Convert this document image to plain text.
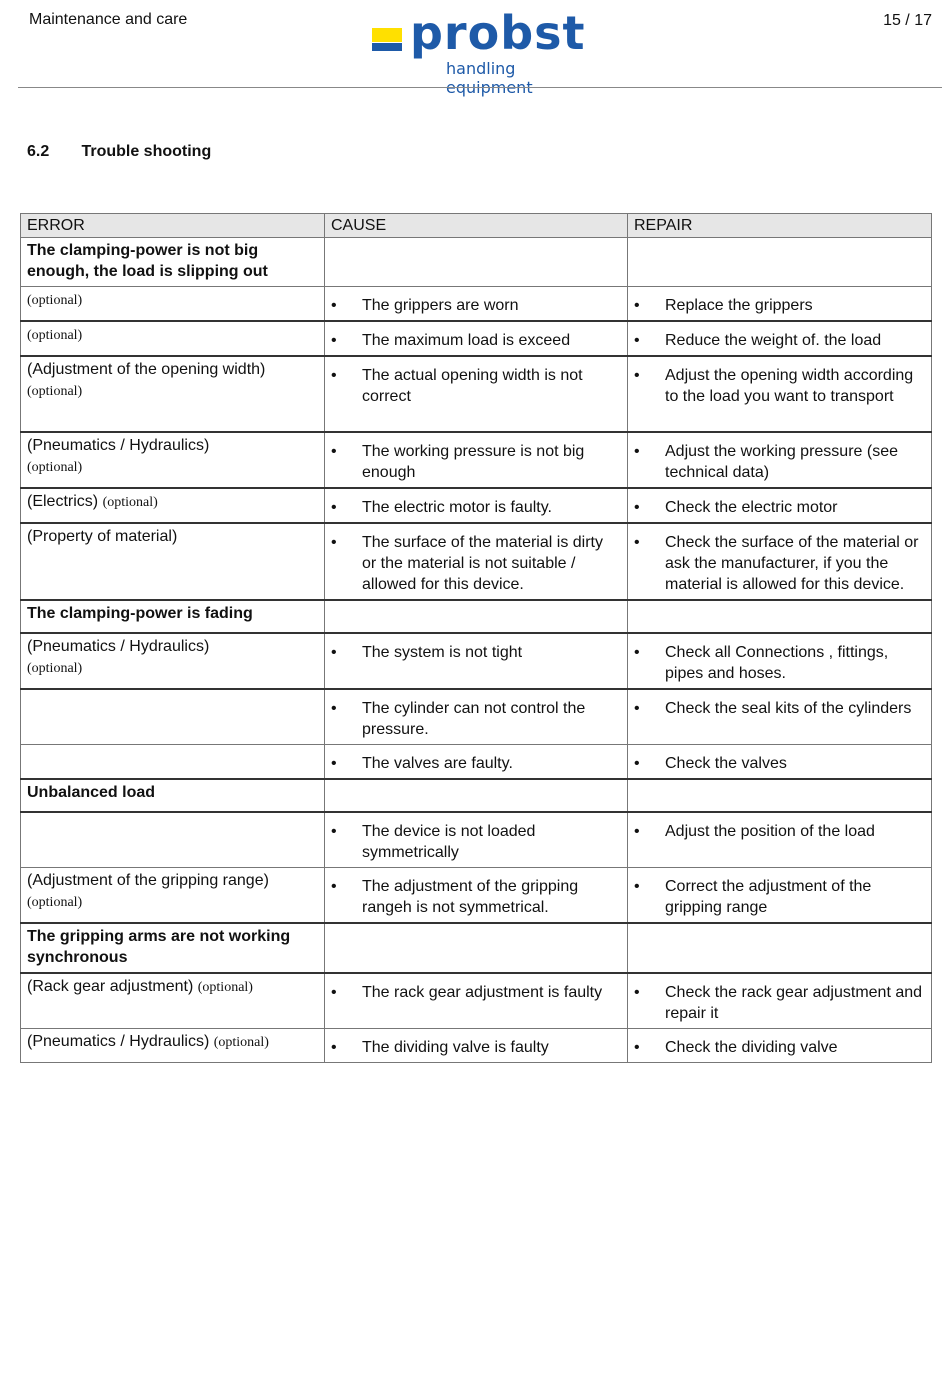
Maintenance and care	probst
handling equipment
15 / 17
6.2 Trouble shooting
ERROR	CAUSE	REPAIR
The clamping-power is not big enough, the load is slipping out		
(optional)	• The grippers are worn	• Replace the grippers

(optional)	• The maximum load is exceed	• Reduce the weight of. the load

(Adjustment of the opening width)
(optional)	• The actual opening width is not correct	• Adjust the opening width according to the load you want to transport

(Pneumatics / Hydraulics)
(optional)	• The working pressure is not big enough	• Adjust the working pressure (see technical data)

(Electrics) (optional)	• The electric motor is faulty.	• Check the electric motor

(Property of material)	• The surface of the material is dirty or the material is not suitable / allowed for this device.	• Check the surface of the material or ask the manufacturer, if you the material is allowed for this device.

The clamping-power is fading		
(Pneumatics / Hydraulics)
(optional)	• The system is not tight	• Check all Connections , fittings, pipes and hoses.

	• The cylinder can not control the pressure.	• Check the seal kits of the cylinders

	• The valves are faulty.	• Check the valves

Unbalanced load		

	• The device is not loaded symmetrically	• Adjust the position of the load

(Adjustment of the gripping range)
(optional)	• The adjustment of the gripping rangeh is not symmetrical.	• Correct the adjustment of the gripping range

The gripping arms are not working synchronous		
(Rack gear adjustment) (optional)	• The rack gear adjustment is faulty	• Check the rack gear adjustment and repair it

(Pneumatics / Hydraulics) (optional)	• The dividing valve is faulty	• Check the dividing valve
